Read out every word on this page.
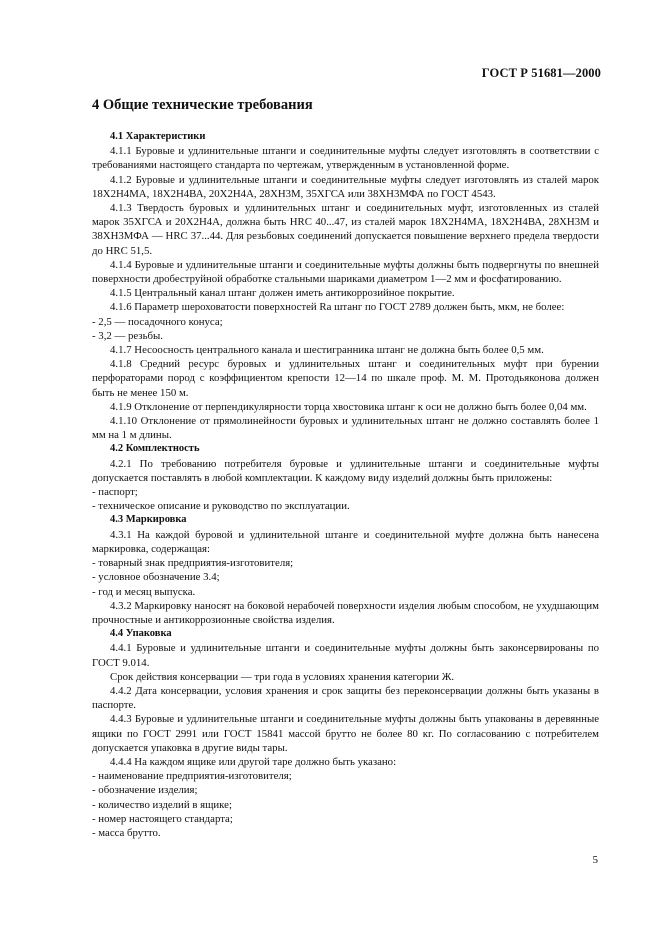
ГОСТ Р 51681—2000
4 Общие технические требования
4.1 Характеристики

4.1.1 Буровые и удлинительные штанги и соединительные муфты следует изготовлять в соответствии с требованиями настоящего стандарта по чертежам, утвержденным в установленной форме.

4.1.2 Буровые и удлинительные штанги и соединительные муфты следует изготовлять из сталей марок 18Х2Н4МА, 18Х2Н4ВА, 20Х2Н4А, 28ХН3М, 35ХГСА или 38ХН3МФА по ГОСТ 4543.

4.1.3 Твердость буровых и удлинительных штанг и соединительных муфт, изготовленных из сталей марок 35ХГСА и 20Х2Н4А, должна быть HRC 40...47, из сталей марок 18Х2Н4МА, 18Х2Н4ВА, 28ХН3М и 38ХН3МФА — HRC 37...44. Для резьбовых соединений допускается повышение верхнего предела твердости до HRC 51,5.

4.1.4 Буровые и удлинительные штанги и соединительные муфты должны быть подвергнуты по внешней поверхности дробеструйной обработке стальными шариками диаметром 1—2 мм и фосфатированию.

4.1.5 Центральный канал штанг должен иметь антикоррозийное покрытие.

4.1.6 Параметр шероховатости поверхностей Ra штанг по ГОСТ 2789 должен быть, мкм, не более:

- 2,5 — посадочного конуса;
- 3,2 — резьбы.

4.1.7 Несоосность центрального канала и шестигранника штанг не должна быть более 0,5 мм.

4.1.8 Средний ресурс буровых и удлинительных штанг и соединительных муфт при бурении перфораторами пород с коэффициентом крепости 12—14 по шкале проф. М. М. Протодьяконова должен быть не менее 150 м.

4.1.9 Отклонение от перпендикулярности торца хвостовика штанг к оси не должно быть более 0,04 мм.

4.1.10 Отклонение от прямолинейности буровых и удлинительных штанг не должно составлять более 1 мм на 1 м длины.

4.2 Комплектность

4.2.1 По требованию потребителя буровые и удлинительные штанги и соединительные муфты допускается поставлять в любой комплектации. К каждому виду изделий должны быть приложены:

- паспорт;
- техническое описание и руководство по эксплуатации.
4.3 Маркировка

4.3.1 На каждой буровой и удлинительной штанге и соединительной муфте должна быть нанесена маркировка, содержащая:

- товарный знак предприятия-изготовителя;
- условное обозначение 3.4;
- год и месяц выпуска.

4.3.2 Маркировку наносят на боковой нерабочей поверхности изделия любым способом, не ухудшающим прочностные и антикоррозионные свойства изделия.

4.4 Упаковка

4.4.1 Буровые и удлинительные штанги и соединительные муфты должны быть законсервированы по ГОСТ 9.014.

Срок действия консервации — три года в условиях хранения категории Ж.

4.4.2 Дата консервации, условия хранения и срок защиты без переконсервации должны быть указаны в паспорте.

4.4.3 Буровые и удлинительные штанги и соединительные муфты должны быть упакованы в деревянные ящики по ГОСТ 2991 или ГОСТ 15841 массой брутто не более 80 кг. По согласованию с потребителем допускается упаковка в другие виды тары.

4.4.4 На каждом ящике или другой таре должно быть указано:

- наименование предприятия-изготовителя;
- обозначение изделия;
- количество изделий в ящике;
- номер настоящего стандарта;
- масса брутто.
5
